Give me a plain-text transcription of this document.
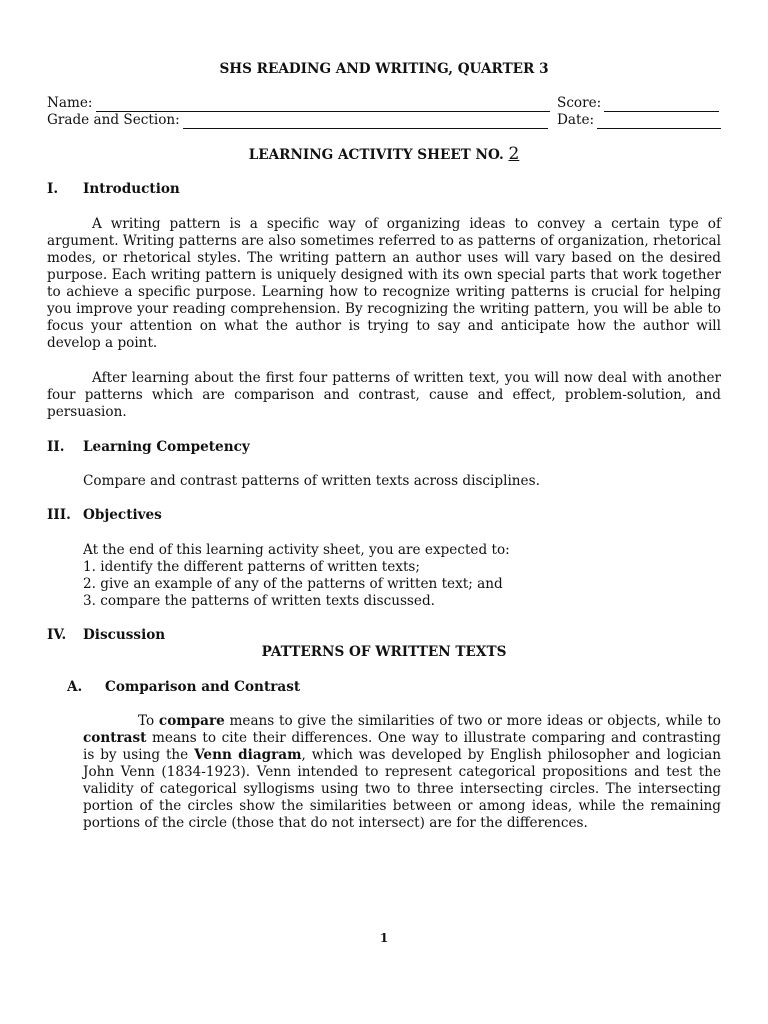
SHS READING AND WRITING, QUARTER 3
Name:	Score:
Grade and Section:	Date:
LEARNING ACTIVITY SHEET NO. 2
I. Introduction
A writing pattern is a specific way of organizing ideas to convey a certain type of argument. Writing patterns are also sometimes referred to as patterns of organization, rhetorical modes, or rhetorical styles. The writing pattern an author uses will vary based on the desired purpose. Each writing pattern is uniquely designed with its own special parts that work together to achieve a specific purpose. Learning how to recognize writing patterns is crucial for helping you improve your reading comprehension. By recognizing the writing pattern, you will be able to focus your attention on what the author is trying to say and anticipate how the author will develop a point.
After learning about the first four patterns of written text, you will now deal with another four patterns which are comparison and contrast, cause and effect, problem-solution, and persuasion.
II. Learning Competency
Compare and contrast patterns of written texts across disciplines.
III. Objectives
At the end of this learning activity sheet, you are expected to:
1. identify the different patterns of written texts;
2. give an example of any of the patterns of written text; and
3. compare the patterns of written texts discussed.
IV. Discussion
PATTERNS OF WRITTEN TEXTS
A. Comparison and Contrast
To compare means to give the similarities of two or more ideas or objects, while to contrast means to cite their differences. One way to illustrate comparing and contrasting is by using the Venn diagram, which was developed by English philosopher and logician John Venn (1834-1923). Venn intended to represent categorical propositions and test the validity of categorical syllogisms using two to three intersecting circles. The intersecting portion of the circles show the similarities between or among ideas, while the remaining portions of the circle (those that do not intersect) are for the differences.
1
